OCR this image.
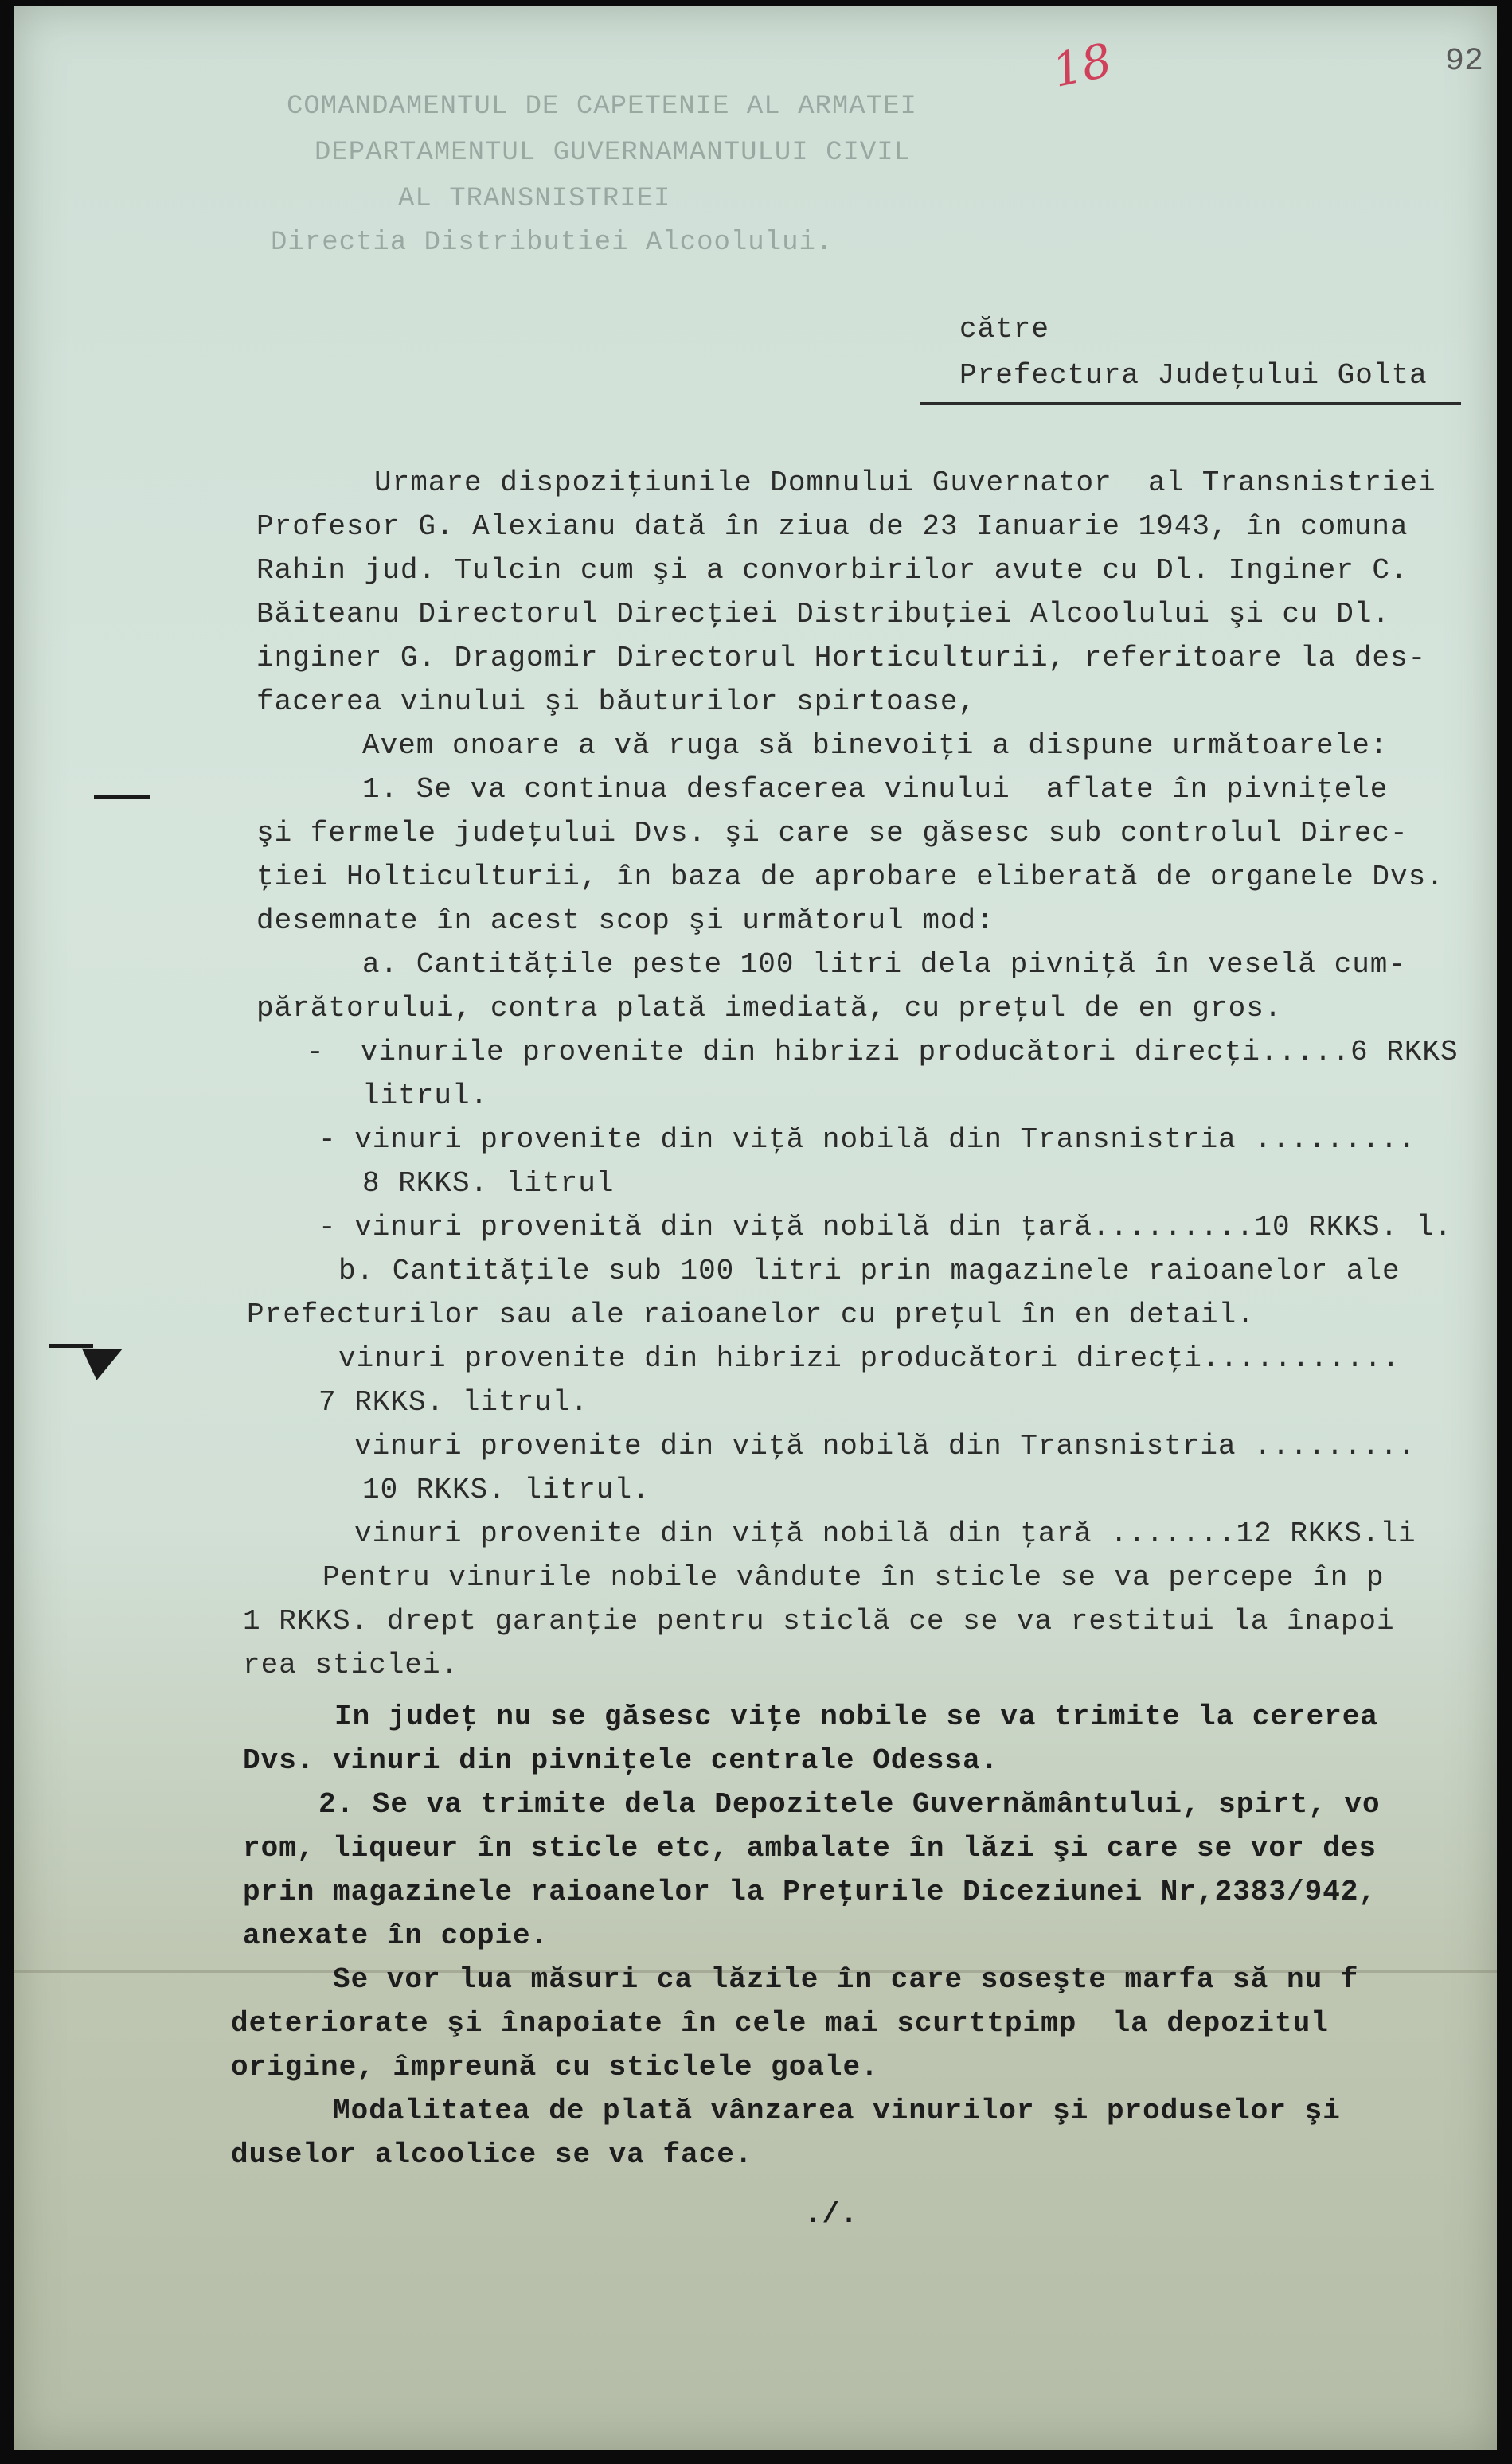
92
18
COMANDAMENTUL DE CAPETENIE AL ARMATEI
DEPARTAMENTUL GUVERNAMANTULUI CIVIL
AL TRANSNISTRIEI
Directia Distributiei Alcoolului.
către
Prefectura Judeţului Golta
Urmare dispoziţiunile Domnului Guvernator  al Transnistriei
Profesor G. Alexianu dată în ziua de 23 Ianuarie 1943, în comuna
Rahin jud. Tulcin cum şi a convorbirilor avute cu Dl. Inginer C.
Băiteanu Directorul Direcţiei Distribuţiei Alcoolului şi cu Dl.
inginer G. Dragomir Directorul Horticulturii, referitoare la des-
facerea vinului şi băuturilor spirtoase,
Avem onoare a vă ruga să binevoiţi a dispune următoarele:
1. Se va continua desfacerea vinului  aflate în pivniţele
şi fermele judeţului Dvs. şi care se găsesc sub controlul Direc-
ţiei Holticulturii, în baza de aprobare eliberată de organele Dvs.
desemnate în acest scop şi următorul mod:
a. Cantităţile peste 100 litri dela pivniţă în veselă cum-
părătorului, contra plată imediată, cu preţul de en gros.
-  vinurile provenite din hibrizi producători direcţi.....6 RKKS
litrul.
- vinuri provenite din viţă nobilă din Transnistria .........
8 RKKS. litrul
- vinuri provenită din viţă nobilă din ţară.........10 RKKS. l.
b. Cantităţile sub 100 litri prin magazinele raioanelor ale
Prefecturilor sau ale raioanelor cu preţul în en detail.
vinuri provenite din hibrizi producători direcţi...........
7 RKKS. litrul.
vinuri provenite din viţă nobilă din Transnistria .........
10 RKKS. litrul.
vinuri provenite din viţă nobilă din ţară .......12 RKKS.li
Pentru vinurile nobile vândute în sticle se va percepe în p
1 RKKS. drept garanţie pentru sticlă ce se va restitui la înapoi
rea sticlei.
In judeţ nu se găsesc viţe nobile se va trimite la cererea
Dvs. vinuri din pivniţele centrale Odessa.
2. Se va trimite dela Depozitele Guvernământului, spirt, vo
rom, liqueur în sticle etc, ambalate în lăzi şi care se vor des
prin magazinele raioanelor la Preţurile Diceziunei Nr,2383/942,
anexate în copie.
Se vor lua măsuri ca lăzile în care soseşte marfa să nu f
deteriorate şi înapoiate în cele mai scurttpimp  la depozitul
origine, împreună cu sticlele goale.
Modalitatea de plată vânzarea vinurilor şi produselor şi
duselor alcoolice se va face.
./.
